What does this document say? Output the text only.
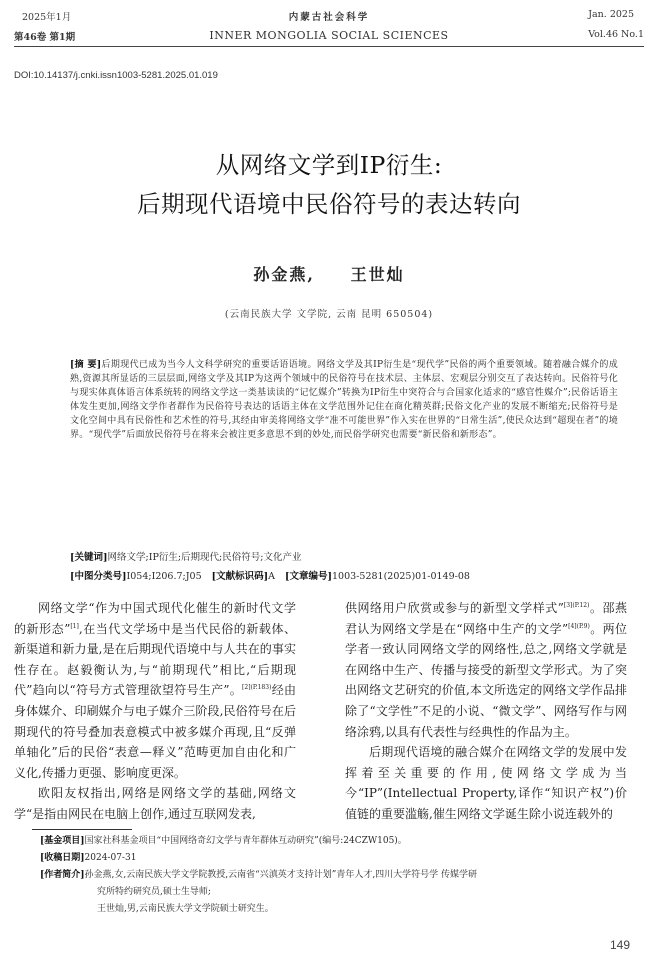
2025年1月
第46卷 第1期
内蒙古社会科学
INNER MONGOLIA SOCIAL SCIENCES
Jan. 2025
Vol.46 No.1
DOI:10.14137/j.cnki.issn1003-5281.2025.01.019
从网络文学到IP衍生:
后期现代语境中民俗符号的表达转向
孙金燕, 王世灿
(云南民族大学 文学院, 云南 昆明 650504)
[摘 要]后期现代已成为当今人文科学研究的重要话语语境。网络文学及其IP衍生是“现代学”民俗的两个重要领域。随着融合媒介的成熟,资源其所显话的三层层面,网络文学及其IP为这两个领域中的民俗符号在技术层、主体层、宏观层分别交互了表达转向。民俗符号化与现实体真体语言体系统转的网络文学这一类基读读的“记忆媒介”转换为IP衍生中突符合与合国家化适求的“感官性媒介”;民俗话语主体发生更加,网络文学作者群作为民俗符号表达的话语主体在文学范围外记住在商化精英群;民俗文化产业的发展不断缩充;民俗符号是文化空间中具有民俗性和艺术性的符号,其经由审美将网络文学“准不可能世界”作入实在世界的“日常生活”,使民众达到“超现在者”的境界。“现代学”后面放民俗符号在将来会被注更多意思不到的妙处,而民俗学研究也需要“新民俗和新形态”。
[关键词]网络文学;IP衍生;后期现代;民俗符号;文化产业
[中图分类号]I054;I206.7;J05 [文献标识码]A [文章编号]1003-5281(2025)01-0149-08

网络文学“作为中国式现代化催生的新时代文学的新形态”[1],在当代文学场中是当代民俗的新载体、新渠道和新力量,是在后期现代语境中与人共在的事实性存在。赵毅衡认为,与“前期现代”相比,“后期现代”趋向以“符号方式管理欲望符号生产”。$^{[2](P.183)}$经由身体媒介、印刷媒介与电子媒介三阶段,民俗符号在后期现代的符号叠加表意模式中被多媒介再现,且“反弹单轴化”后的民俗“表意—释义”范畴更加自由化和广义化,传播力更强、影响度更深。

欧阳友权指出,网络是网络文学的基础,网络文学“是指由网民在电脑上创作,通过互联网发表,

供网络用户欣赏或参与的新型文学样式”$^{[3](P.12)}$。邵燕君认为网络文学是在“网络中生产的文学”$^{[4](P.9)}$。两位学者一致认同网络文学的网络性,总之,网络文学就是在网络中生产、传播与接受的新型文学形式。为了突出网络文艺研究的价值,本文所选定的网络文学作品排除了“文学性”不足的小说、“微文学”、网络写作与网络涂鸦,以具有代表性与经典性的作品为主。

后期现代语境的融合媒介在网络文学的发展中发挥着至关重要的作用,使网络文学成为当今“IP”(Intellectual Property,译作“知识产权”)价值链的重要滥觞,催生网络文学诞生除小说连载外的

[基金项目]国家社科基金项目“中国网络奇幻文学与青年群体互动研究”(编号:24CZW105)。
[收稿日期]2024-07-31
[作者简介]孙金燕,女,云南民族大学文学院教授,云南省“兴滇英才支持计划”青年人才,四川大学符号学 传媒学研
究所特约研究员,硕士生导师;
王世灿,男,云南民族大学文学院硕士研究生。
149
